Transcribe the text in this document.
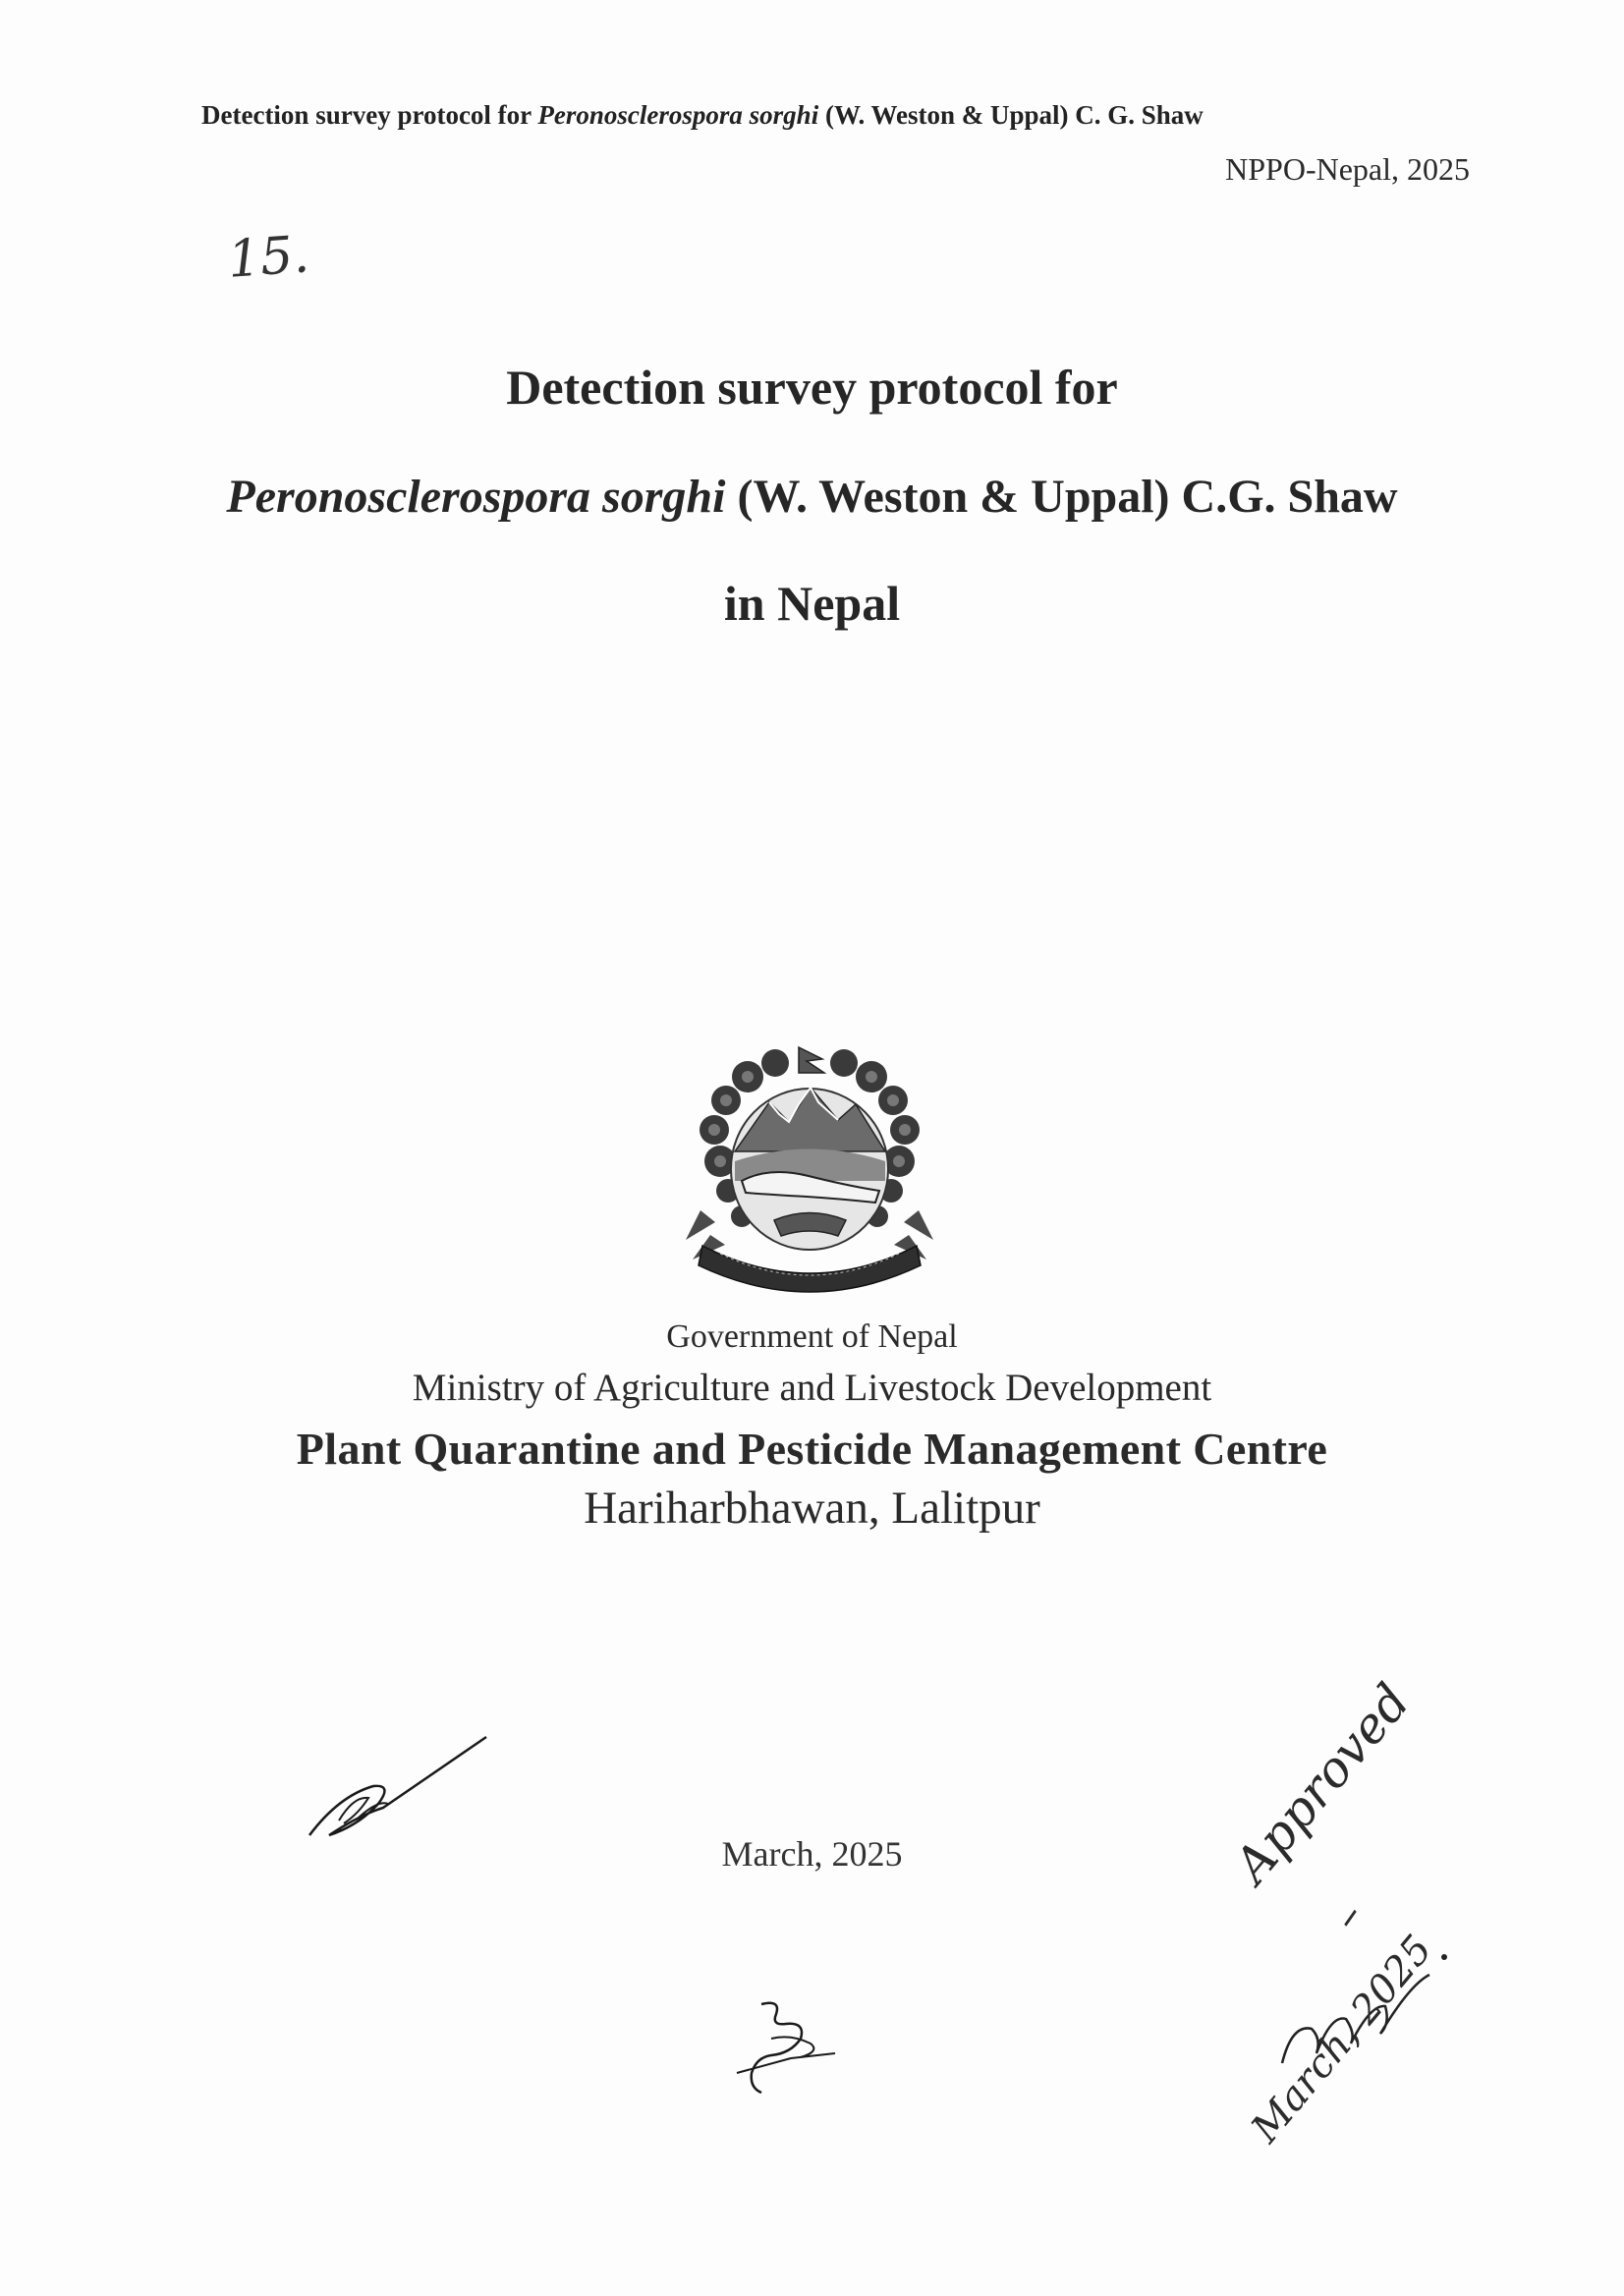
Detection survey protocol for Peronosclerospora sorghi (W. Weston & Uppal) C. G. Shaw
NPPO-Nepal, 2025
15.
Detection survey protocol for
Peronosclerospora sorghi (W. Weston & Uppal) C.G. Shaw
in Nepal
Government of Nepal
Ministry of Agriculture and Livestock Development
Plant Quarantine and Pesticide Management Centre
Hariharbhawan, Lalitpur
March, 2025	Approved
–
March, 2025
